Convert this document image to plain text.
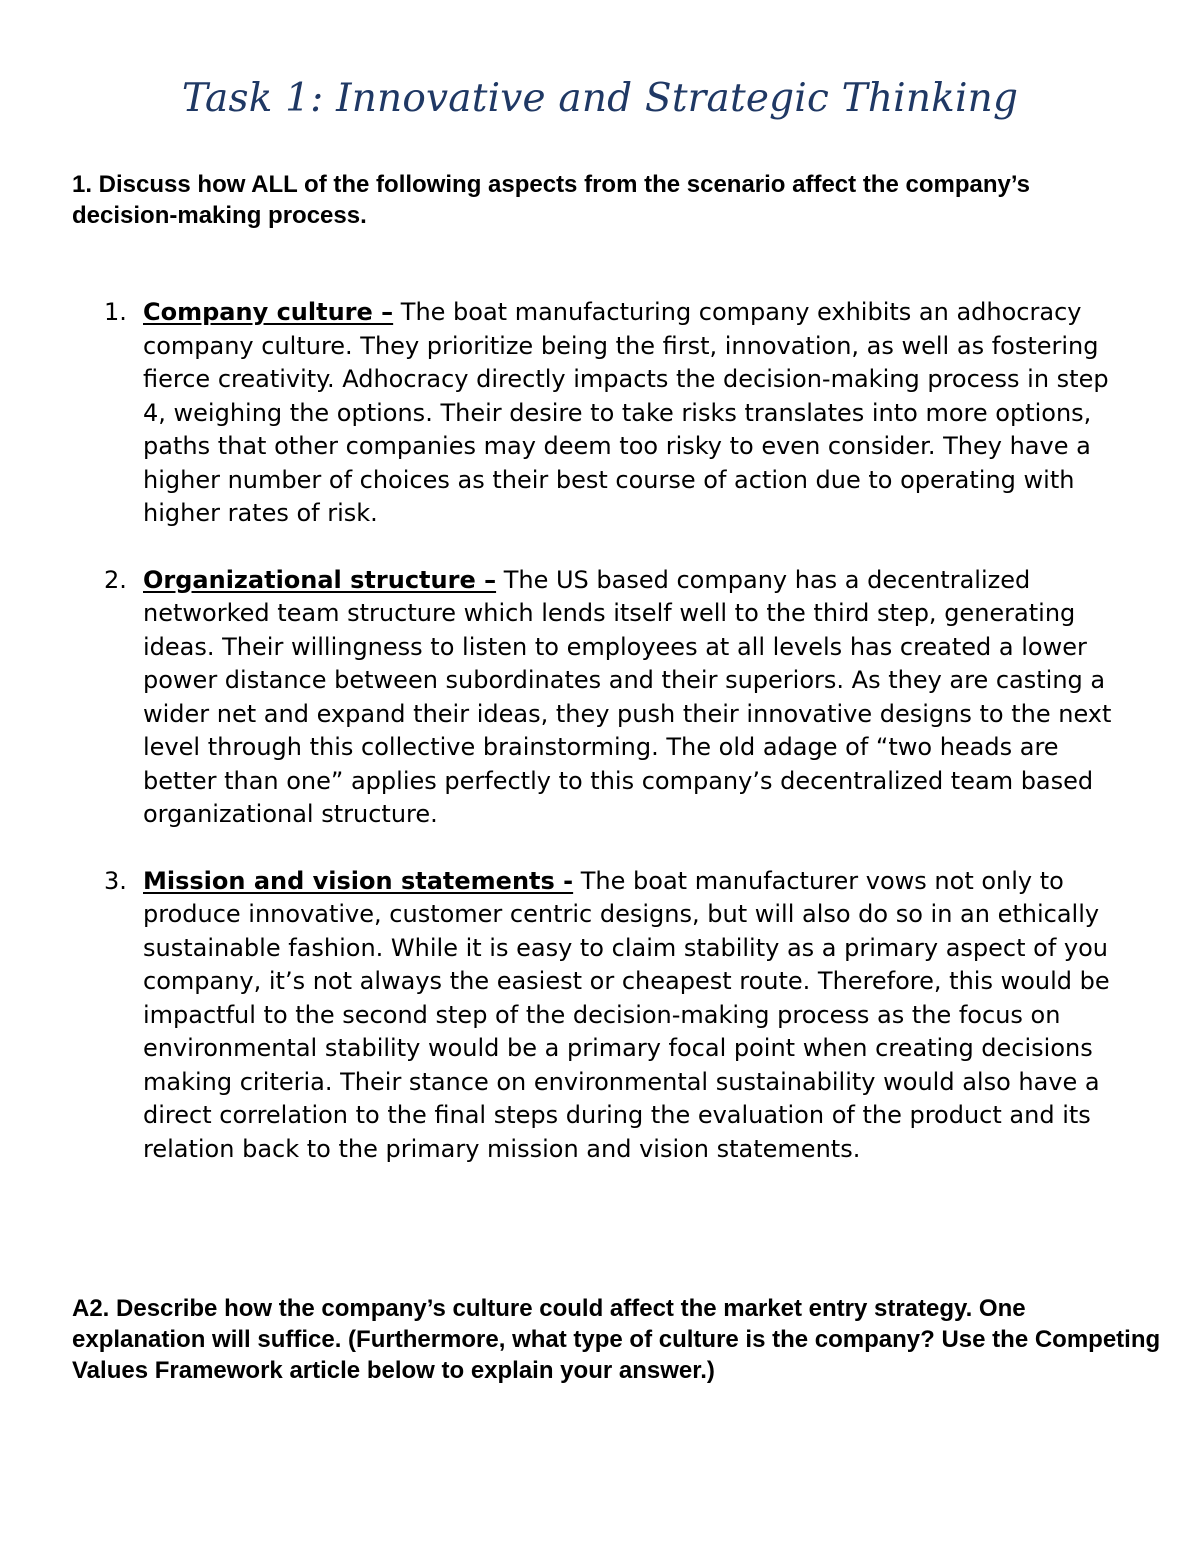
Task 1: Innovative and Strategic Thinking

1. Discuss how ALL of the following aspects from the scenario affect the company’s decision-making process.

1. Company culture – The boat manufacturing company exhibits an adhocracy company culture. They prioritize being the first, innovation, as well as fostering fierce creativity. Adhocracy directly impacts the decision-making process in step 4, weighing the options. Their desire to take risks translates into more options, paths that other companies may deem too risky to even consider. They have a higher number of choices as their best course of action due to operating with higher rates of risk.
2. Organizational structure – The US based company has a decentralized networked team structure which lends itself well to the third step, generating ideas. Their willingness to listen to employees at all levels has created a lower power distance between subordinates and their superiors. As they are casting a wider net and expand their ideas, they push their innovative designs to the next level through this collective brainstorming. The old adage of “two heads are better than one” applies perfectly to this company’s decentralized team based organizational structure.
3. Mission and vision statements - The boat manufacturer vows not only to produce innovative, customer centric designs, but will also do so in an ethically sustainable fashion. While it is easy to claim stability as a primary aspect of you company, it’s not always the easiest or cheapest route. Therefore, this would be impactful to the second step of the decision-making process as the focus on environmental stability would be a primary focal point when creating decisions making criteria. Their stance on environmental sustainability would also have a direct correlation to the final steps during the evaluation of the product and its relation back to the primary mission and vision statements.

A2. Describe how the company’s culture could affect the market entry strategy. One explanation will suffice. (Furthermore, what type of culture is the company? Use the Competing Values Framework article below to explain your answer.)
